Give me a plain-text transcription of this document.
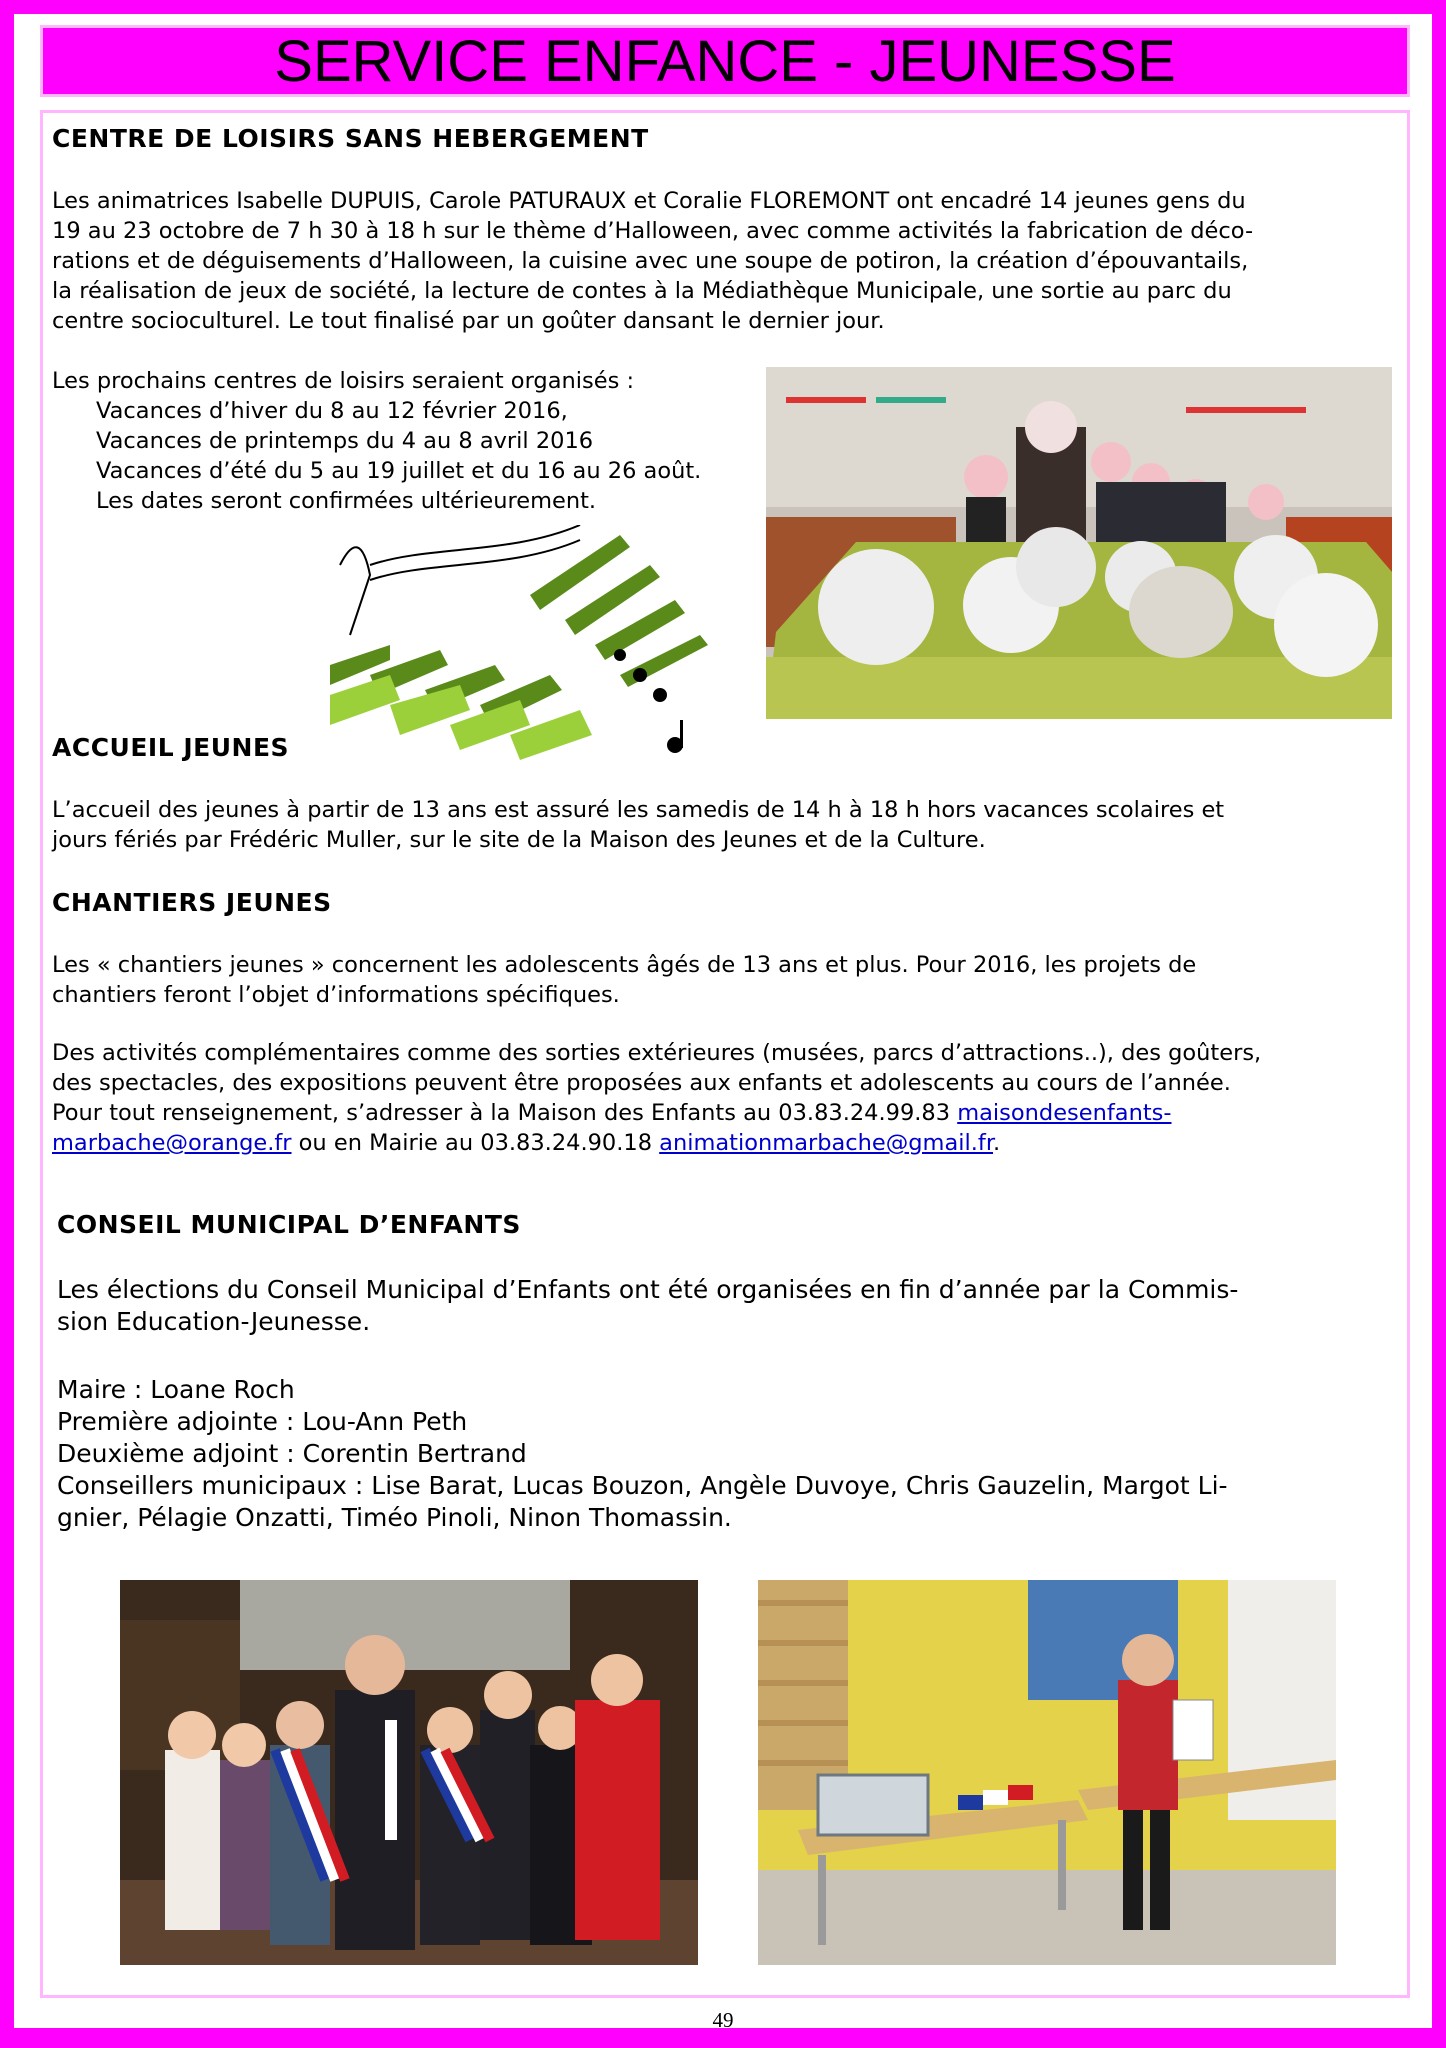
SERVICE ENFANCE - JEUNESSE
CENTRE DE LOISIRS SANS HEBERGEMENT

Les animatrices Isabelle DUPUIS, Carole PATURAUX et Coralie FLOREMONT ont encadré 14 jeunes gens du
19 au 23 octobre de 7 h 30 à 18 h sur le thème d’Halloween, avec comme activités la fabrication de déco-
rations et de déguisements d’Halloween, la cuisine avec une soupe de potiron, la création d’épouvantails,
la réalisation de jeux de société, la lecture de contes à la Médiathèque Municipale, une sortie au parc du
centre socioculturel. Le tout finalisé par un goûter dansant le dernier jour.

Les prochains centres de loisirs seraient organisés :
Vacances d’hiver du 8 au 12 février 2016,
Vacances de printemps du 4 au 8 avril 2016
Vacances d’été du 5 au 19 juillet et du 16 au 26 août.
Les dates seront confirmées ultérieurement.
ACCUEIL JEUNES
L’accueil des jeunes à partir de 13 ans est assuré les samedis de 14 h à 18 h hors vacances scolaires et
jours fériés par Frédéric Muller, sur le site de la Maison des Jeunes et de la Culture.
CHANTIERS JEUNES
Les « chantiers jeunes » concernent les adolescents âgés de 13 ans et plus. Pour 2016, les projets de
chantiers feront l’objet d’informations spécifiques.
Des activités complémentaires comme des sorties extérieures (musées, parcs d’attractions..), des goûters,
des spectacles, des expositions peuvent être proposées aux enfants et adolescents au cours de l’année.
Pour tout renseignement, s’adresser à la Maison des Enfants au 03.83.24.99.83 maisondesenfants-
marbache@orange.fr ou en Mairie au 03.83.24.90.18 animationmarbache@gmail.fr.
CONSEIL MUNICIPAL D’ENFANTS
Les élections du Conseil Municipal d’Enfants ont été organisées en fin d’année par la Commis-
sion Education-Jeunesse.
Maire : Loane Roch
Première adjointe : Lou-Ann Peth
Deuxième adjoint : Corentin Bertrand
Conseillers municipaux : Lise Barat, Lucas Bouzon, Angèle Duvoye, Chris Gauzelin, Margot Li-
gnier, Pélagie Onzatti, Timéo Pinoli, Ninon Thomassin.
49
